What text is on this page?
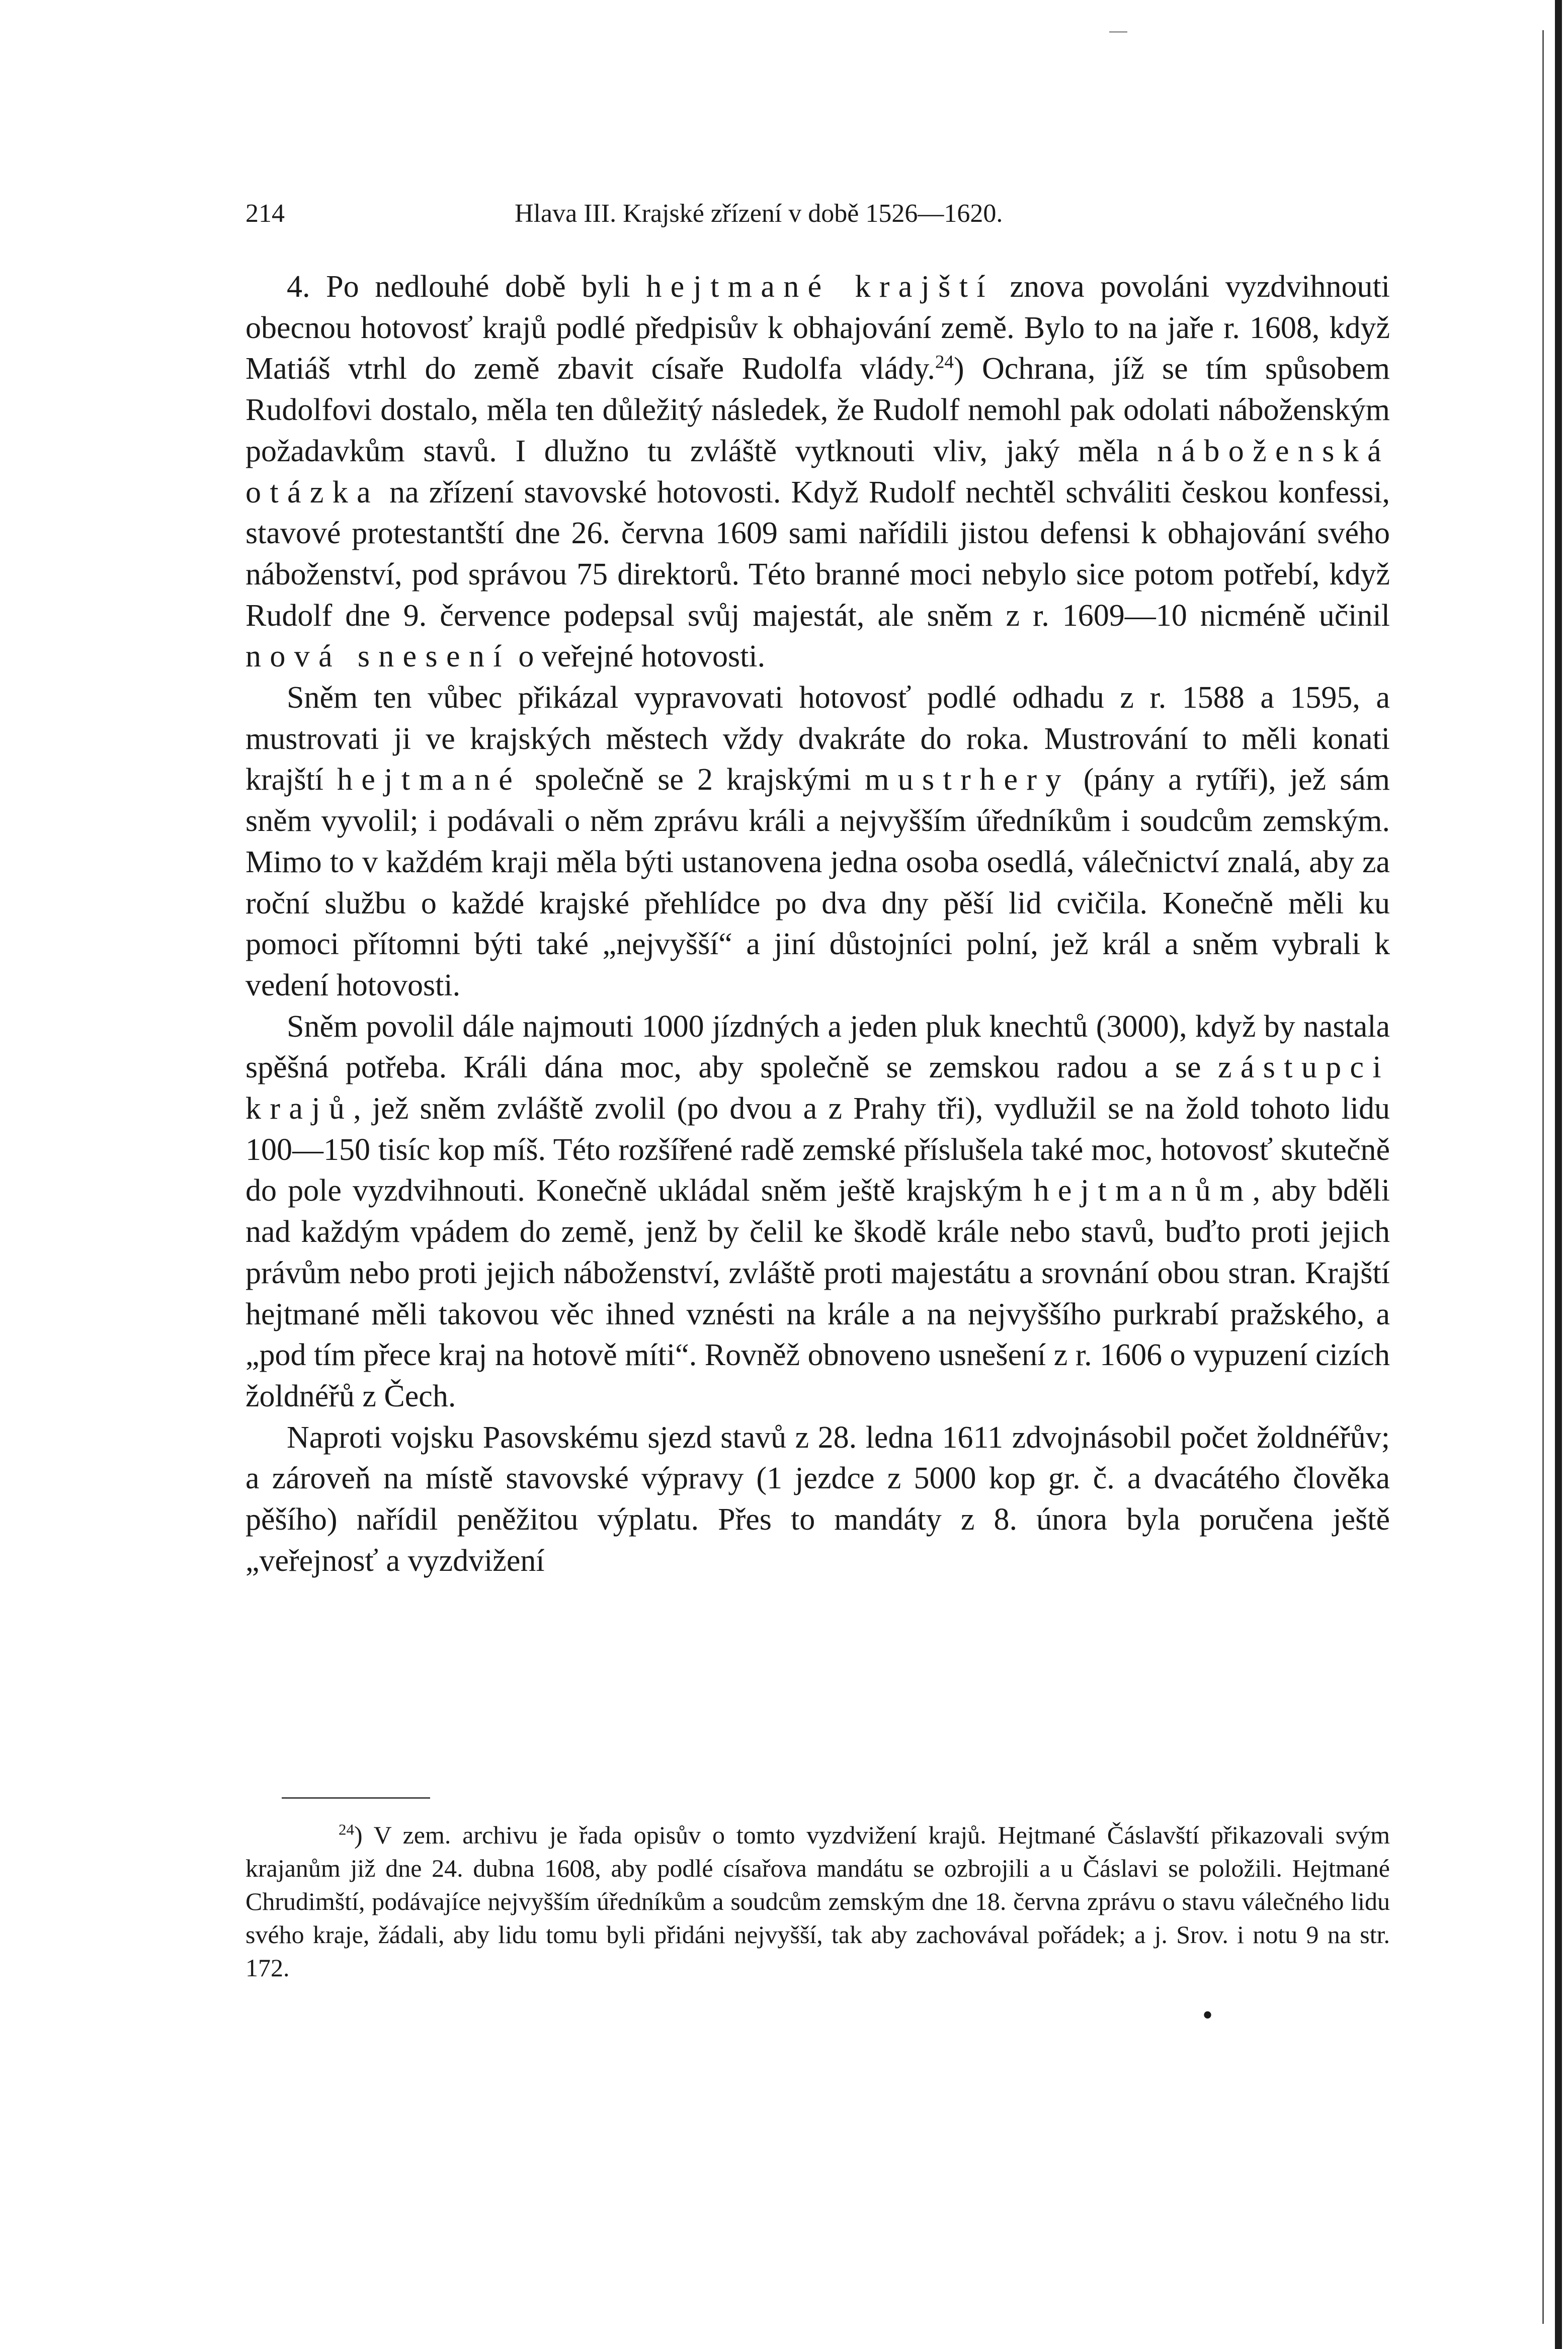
214	Hlava III. Krajské zřízení v době 1526—1620.

4. Po nedlouhé době byli hejtmané krajští znova povoláni vyzdvihnouti obecnou hotovosť krajů podlé předpisův k obhajování země. Bylo to na jaře r. 1608, když Matiáš vtrhl do země zbavit císaře Rudolfa vlády.$^{24}$) Ochrana, jíž se tím spůsobem Rudolfovi dostalo, měla ten důležitý následek, že Rudolf nemohl pak odolati náboženským požadavkům stavů. I dlužno tu zvláště vytknouti vliv, jaký měla náboženská otázka na zřízení stavovské hotovosti. Když Rudolf nechtěl schváliti českou konfessi, stavové protestantští dne 26. června 1609 sami nařídili jistou defensi k obhajování svého náboženství, pod správou 75 direktorů. Této branné moci nebylo sice potom potřebí, když Rudolf dne 9. července podepsal svůj majestát, ale sněm z r. 1609—10 nicméně učinil nová snesení o veřejné hotovosti.

Sněm ten vůbec přikázal vypravovati hotovosť podlé odhadu z r. 1588 a 1595, a mustrovati ji ve krajských městech vždy dvakráte do roka. Mustrování to měli konati krajští hejtmané společně se 2 krajskými mustrhery (pány a rytíři), jež sám sněm vyvolil; i podávali o něm zprávu králi a nejvyšším úředníkům i soudcům zemským. Mimo to v každém kraji měla býti ustanovena jedna osoba osedlá, válečnictví znalá, aby za roční službu o každé krajské přehlídce po dva dny pěší lid cvičila. Konečně měli ku pomoci přítomni býti také „nejvyšší“ a jiní důstojníci polní, jež král a sněm vybrali k vedení hotovosti.

Sněm povolil dále najmouti 1000 jízdných a jeden pluk knechtů (3000), když by nastala spěšná potřeba. Králi dána moc, aby společně se zemskou radou a se zástupci krajů, jež sněm zvláště zvolil (po dvou a z Prahy tři), vydlužil se na žold tohoto lidu 100—150 tisíc kop míš. Této rozšířené radě zemské příslušela také moc, hotovosť skutečně do pole vyzdvihnouti. Konečně ukládal sněm ještě krajským hejtmanům, aby bděli nad každým vpádem do země, jenž by čelil ke škodě krále nebo stavů, buďto proti jejich právům nebo proti jejich náboženství, zvláště proti majestátu a srovnání obou stran. Krajští hejtmané měli takovou věc ihned vznésti na krále a na nejvyššího purkrabí pražského, a „pod tím přece kraj na hotově míti“. Rovněž obnoveno usnešení z r. 1606 o vypuzení cizích žoldnéřů z Čech.

Naproti vojsku Pasovskému sjezd stavů z 28. ledna 1611 zdvojnásobil počet žoldnéřův; a zároveň na místě stavovské výpravy (1 jezdce z 5000 kop gr. č. a dvacátého člověka pěšího) nařídil peněžitou výplatu. Přes to mandáty z 8. února byla poručena ještě „veřejnosť a vyzdvižení

$^{24}$) V zem. archivu je řada opisův o tomto vyzdvižení krajů. Hejtmané Čáslavští přikazovali svým krajanům již dne 24. dubna 1608, aby podlé císařova mandátu se ozbrojili a u Čáslavi se položili. Hejtmané Chrudimští, podávajíce nejvyšším úředníkům a soudcům zemským dne 18. června zprávu o stavu válečného lidu svého kraje, žádali, aby lidu tomu byli přidáni nejvyšší, tak aby zachovával pořádek; a j. Srov. i notu 9 na str. 172.

•
